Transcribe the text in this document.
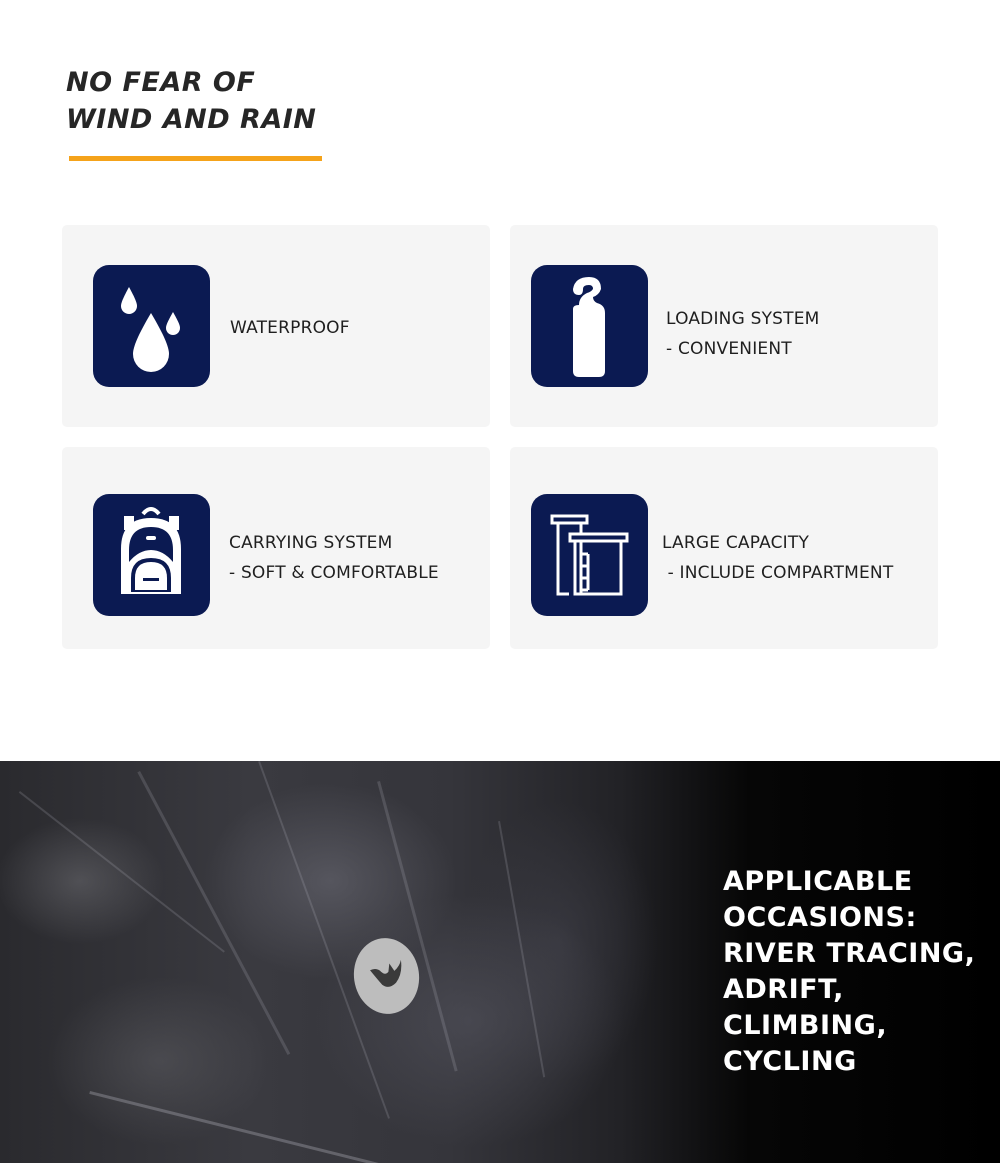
NO FEAR OF
WIND AND RAIN
WATERPROOF	LOADING SYSTEM
- CONVENIENT
CARRYING SYSTEM
- SOFT & COMFORTABLE
LARGE CAPACITY
- INCLUDE COMPARTMENT
APPLICABLE
OCCASIONS:
RIVER TRACING,
ADRIFT,
CLIMBING,
CYCLING
